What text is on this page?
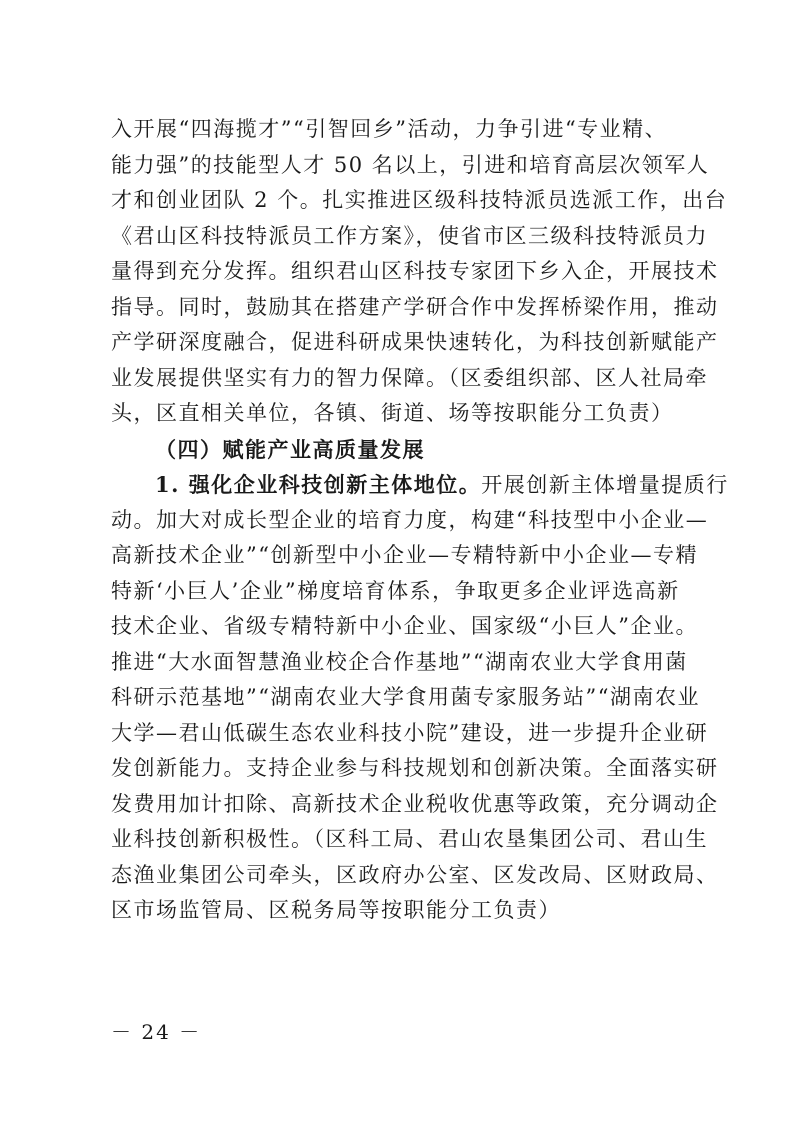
入开展“四海揽才”“引智回乡”活动，力争引进“专业精、
能力强”的技能型人才 50 名以上，引进和培育高层次领军人
才和创业团队 2 个。扎实推进区级科技特派员选派工作，出台
《君山区科技特派员工作方案》，使省市区三级科技特派员力
量得到充分发挥。组织君山区科技专家团下乡入企，开展技术
指导。同时，鼓励其在搭建产学研合作中发挥桥梁作用，推动
产学研深度融合，促进科研成果快速转化，为科技创新赋能产
业发展提供坚实有力的智力保障。（区委组织部、区人社局牵
头，区直相关单位，各镇、街道、场等按职能分工负责）
（四）赋能产业高质量发展
1. 强化企业科技创新主体地位。开展创新主体增量提质行
动。加大对成长型企业的培育力度，构建“科技型中小企业—
高新技术企业”“创新型中小企业—专精特新中小企业—专精
特新‘小巨人’企业”梯度培育体系，争取更多企业评选高新
技术企业、省级专精特新中小企业、国家级“小巨人”企业。
推进“大水面智慧渔业校企合作基地”“湖南农业大学食用菌
科研示范基地”“湖南农业大学食用菌专家服务站”“湖南农业
大学—君山低碳生态农业科技小院”建设，进一步提升企业研
发创新能力。支持企业参与科技规划和创新决策。全面落实研
发费用加计扣除、高新技术企业税收优惠等政策，充分调动企
业科技创新积极性。（区科工局、君山农垦集团公司、君山生
态渔业集团公司牵头，区政府办公室、区发改局、区财政局、
区市场监管局、区税务局等按职能分工负责）
－ 24 －
